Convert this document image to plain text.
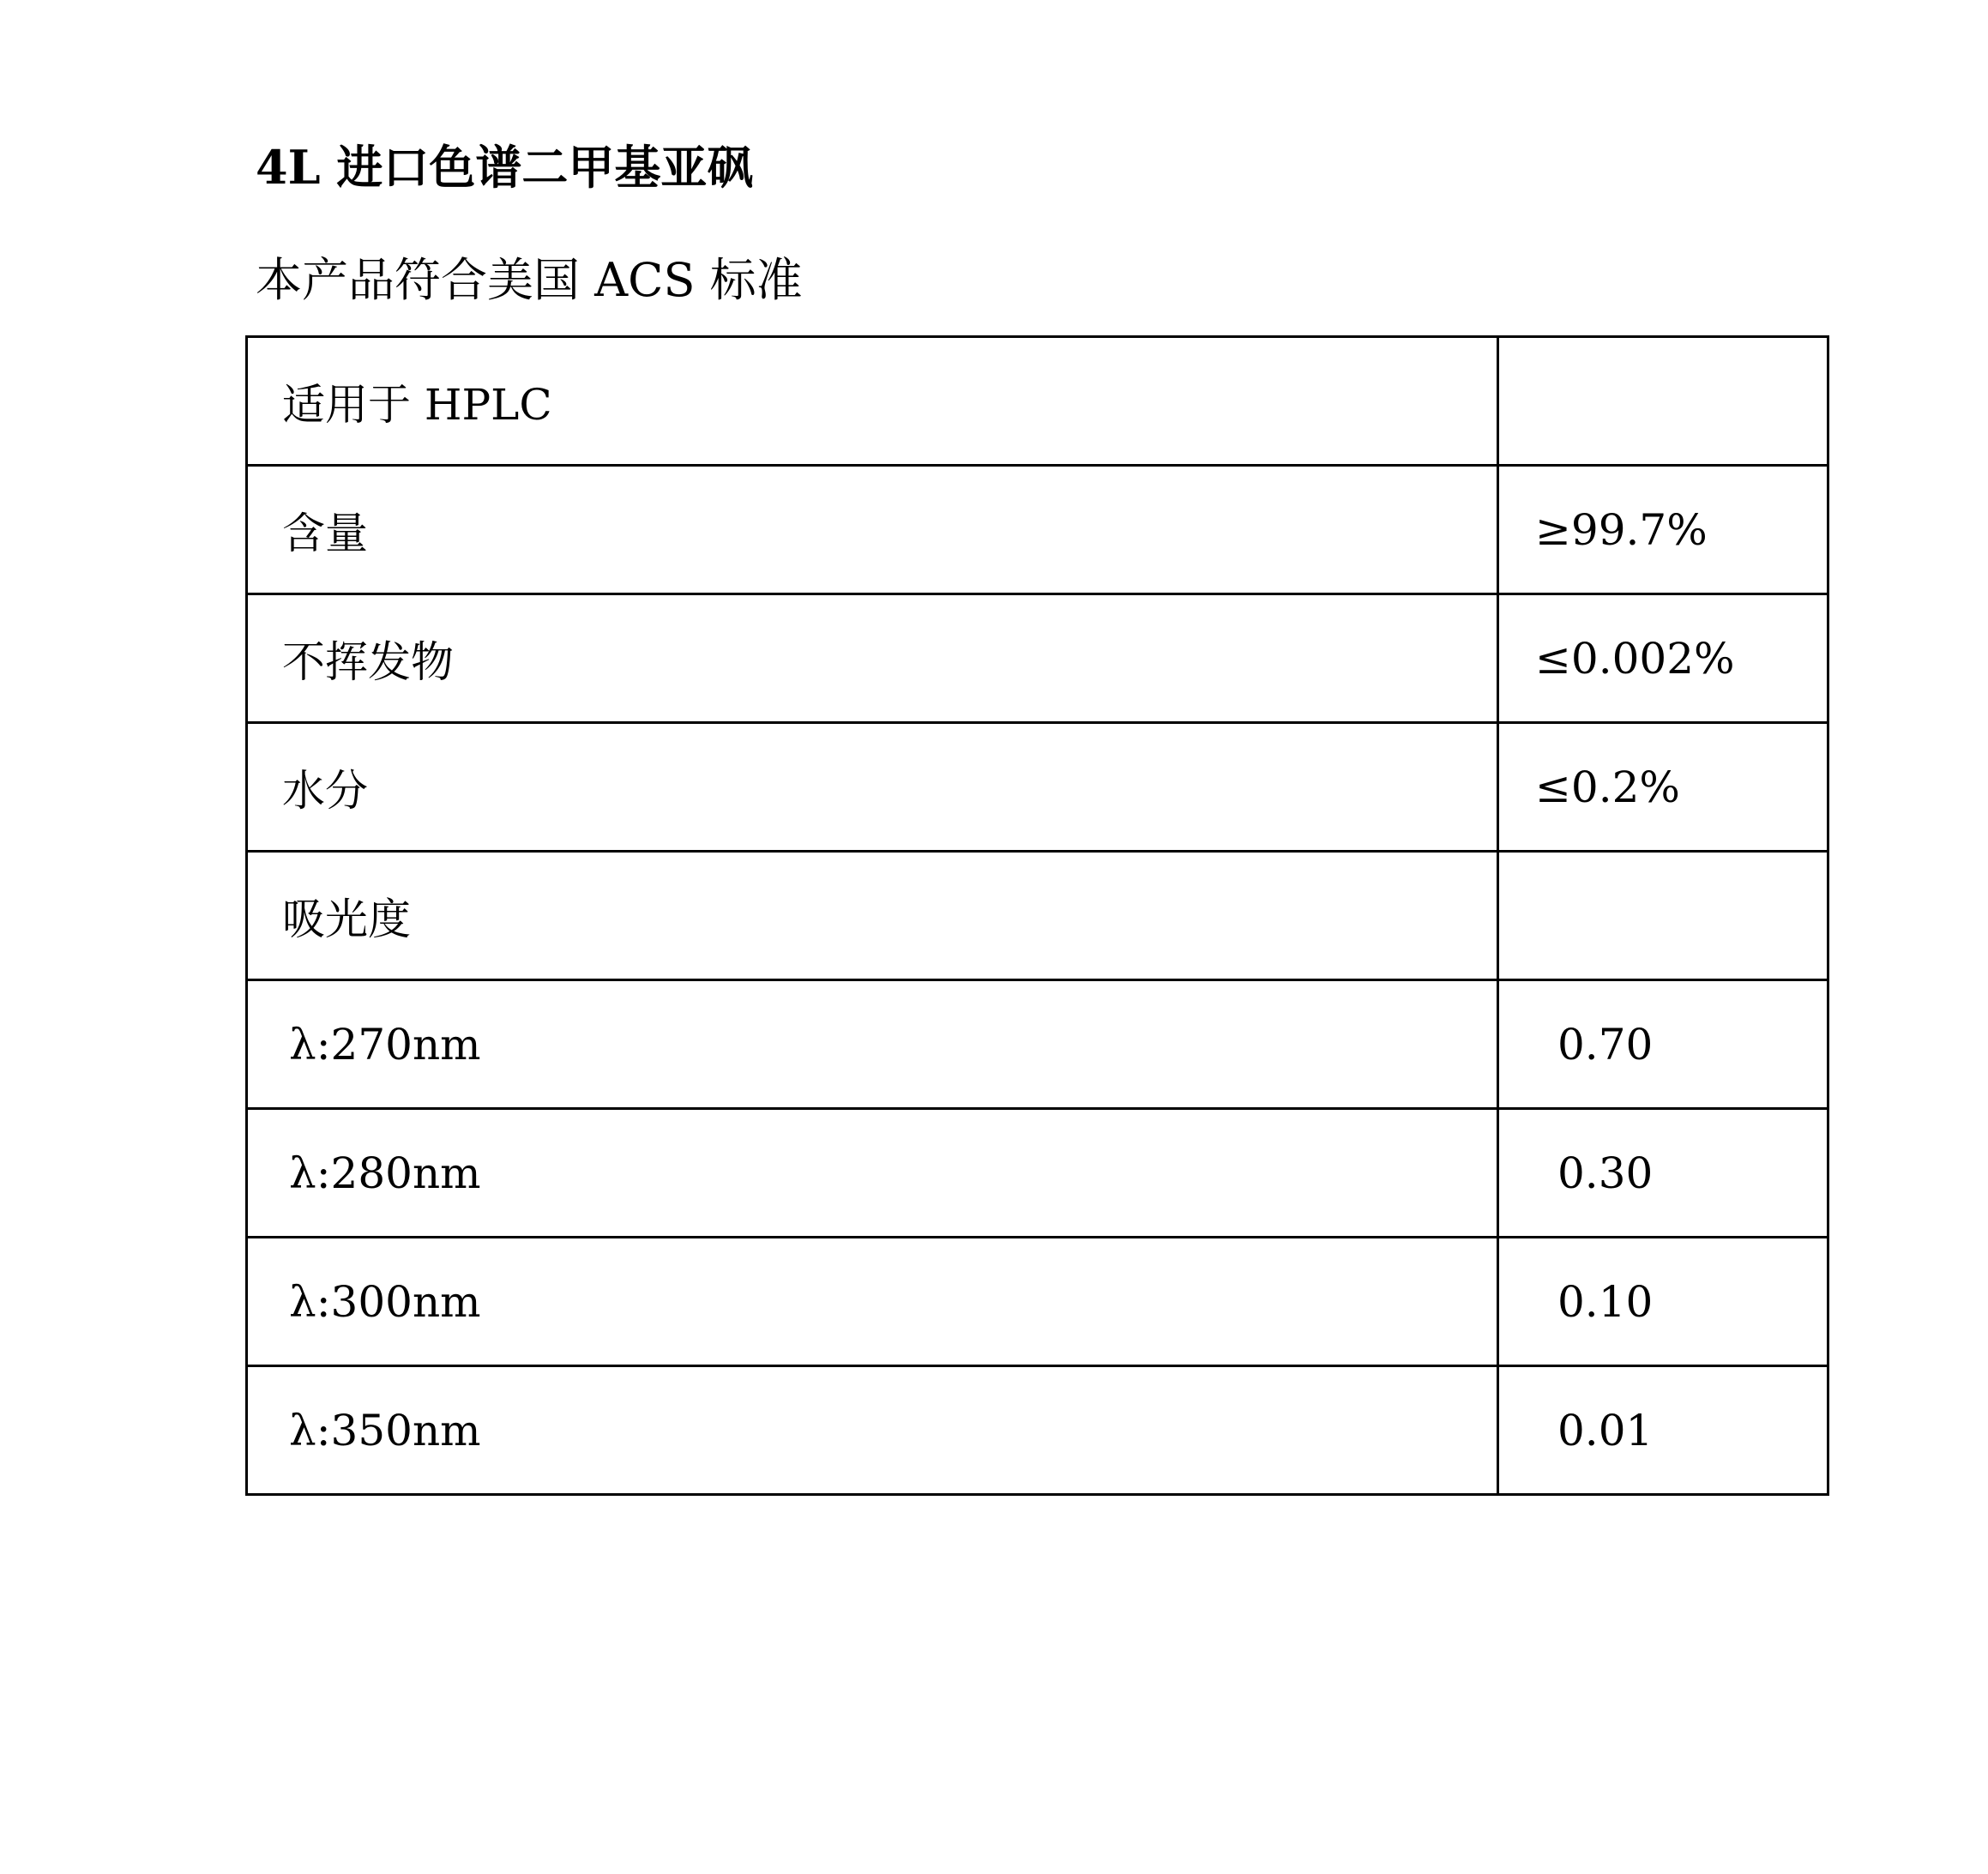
4L 进口色谱二甲基亚砜
本产品符合美国 ACS 标准
适用于 HPLC	
含量	≥99.7%
不挥发物	≤0.002%
水分	≤0.2%
吸光度	
λ:270nm	0.70
λ:280nm	0.30
λ:300nm	0.10
λ:350nm	0.01
